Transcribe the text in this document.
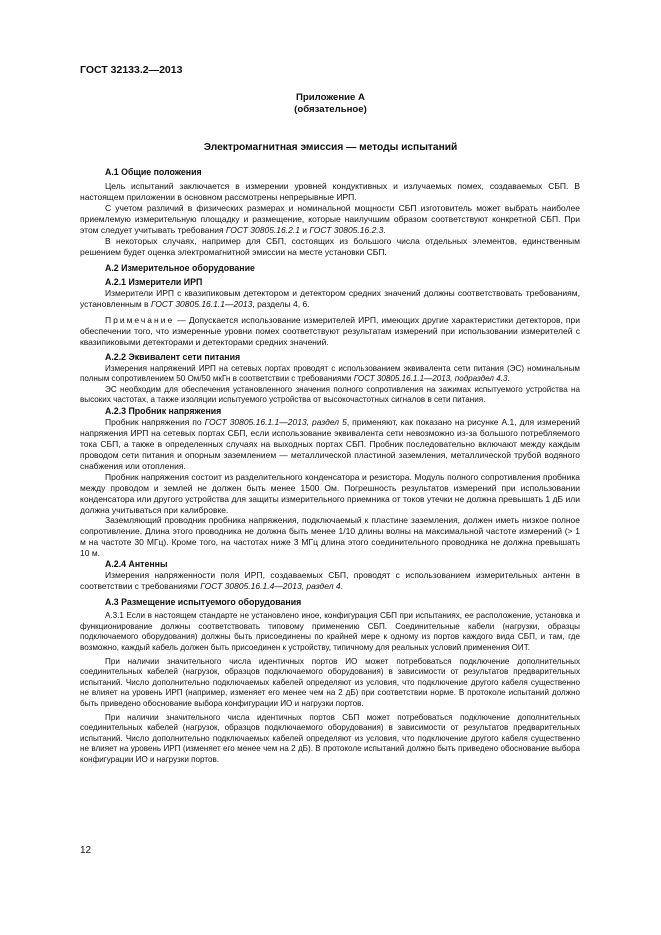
ГОСТ 32133.2—2013
Приложение А
(обязательное)
Электромагнитная эмиссия — методы испытаний
А.1 Общие положения

Цель испытаний заключается в измерении уровней кондуктивных и излучаемых помех, создаваемых СБП. В настоящем приложении в основном рассмотрены непрерывные ИРП.

С учетом различий в физических размерах и номинальной мощности СБП изготовитель может выбрать наиболее приемлемую измерительную площадку и размещение, которые наилучшим образом соответствуют конкретной СБП. При этом следует учитывать требования ГОСТ 30805.16.2.1 и ГОСТ 30805.16.2.3.

В некоторых случаях, например для СБП, состоящих из большого числа отдельных элементов, единственным решением будет оценка электромагнитной эмиссии на месте установки СБП.

А.2 Измерительное оборудование
А.2.1 Измерители ИРП

Измерители ИРП с квазипиковым детектором и детектором средних значений должны соответствовать требованиям, установленным в ГОСТ 30805.16.1.1—2013, разделы 4, 6.

Примечание — Допускается использование измерителей ИРП, имеющих другие характеристики детекторов, при обеспечении того, что измеренные уровни помех соответствуют результатам измерений при использовании измерителей с квазипиковыми детекторами и детекторами средних значений.

А.2.2 Эквивалент сети питания

Измерения напряжений ИРП на сетевых портах проводят с использованием эквивалента сети питания (ЭС) номинальным полным сопротивлением 50 Ом/50 мкГн в соответствии с требованиями ГОСТ 30805.16.1.1—2013, подраздел 4.3.

ЭС необходим для обеспечения установленного значения полного сопротивления на зажимах испытуемого устройства на высоких частотах, а также изоляции испытуемого устройства от высокочастотных сигналов в сети питания.

А.2.3 Пробник напряжения

Пробник напряжения по ГОСТ 30805.16.1.1—2013, раздел 5, применяют, как показано на рисунке А.1, для измерений напряжения ИРП на сетевых портах СБП, если использование эквивалента сети невозможно из-за большого потребляемого тока СБП, а также в определенных случаях на выходных портах СБП. Пробник последовательно включают между каждым проводом сети питания и опорным заземлением — металлической пластиной заземления, металлической трубой водяного снабжения или отопления.

Пробник напряжения состоит из разделительного конденсатора и резистора. Модуль полного сопротивления пробника между проводом и землей не должен быть менее 1500 Ом. Погрешность результатов измерений при использовании конденсатора или другого устройства для защиты измерительного приемника от токов утечки не должна превышать 1 дБ или должна учитываться при калибровке.

Заземляющий проводник пробника напряжения, подключаемый к пластине заземления, должен иметь низкое полное сопротивление. Длина этого проводника не должна быть менее 1/10 длины волны на максимальной частоте измерений (> 1 м на частоте 30 МГц). Кроме того, на частотах ниже 3 МГц длина этого соединительного проводника не должна превышать 10 м.

А.2.4 Антенны

Измерения напряженности поля ИРП, создаваемых СБП, проводят с использованием измерительных антенн в соответствии с требованиями ГОСТ 30805.16.1.4—2013, раздел 4.

А.3 Размещение испытуемого оборудования

А.3.1 Если в настоящем стандарте не установлено иное, конфигурация СБП при испытаниях, ее расположение, установка и функционирование должны соответствовать типовому применению СБП. Соединительные кабели (нагрузки, образцы подключаемого оборудования) должны быть присоединены по крайней мере к одному из портов каждого вида СБП, и там, где возможно, каждый кабель должен быть присоединен к устройству, типичному для реальных условий применения ОИТ.

При наличии значительного числа идентичных портов ИО может потребоваться подключение дополнительных соединительных кабелей (нагрузок, образцов подключаемого оборудования) в зависимости от результатов предварительных испытаний. Число дополнительно подключаемых кабелей определяют из условия, что подключение другого кабеля существенно не влияет на уровень ИРП (например, изменяет его менее чем на 2 дБ) при соответствии норме. В протоколе испытаний должно быть приведено обоснование выбора конфигурации ИО и нагрузки портов.

При наличии значительного числа идентичных портов СБП может потребоваться подключение дополнительных соединительных кабелей (нагрузок, образцов подключаемого оборудования) в зависимости от результатов предварительных испытаний. Число дополнительно подключаемых кабелей определяют из условия, что подключение другого кабеля существенно не влияет на уровень ИРП (изменяет его менее чем на 2 дБ). В протоколе испытаний должно быть приведено обоснование выбора конфигурации ИО и нагрузки портов.

12
